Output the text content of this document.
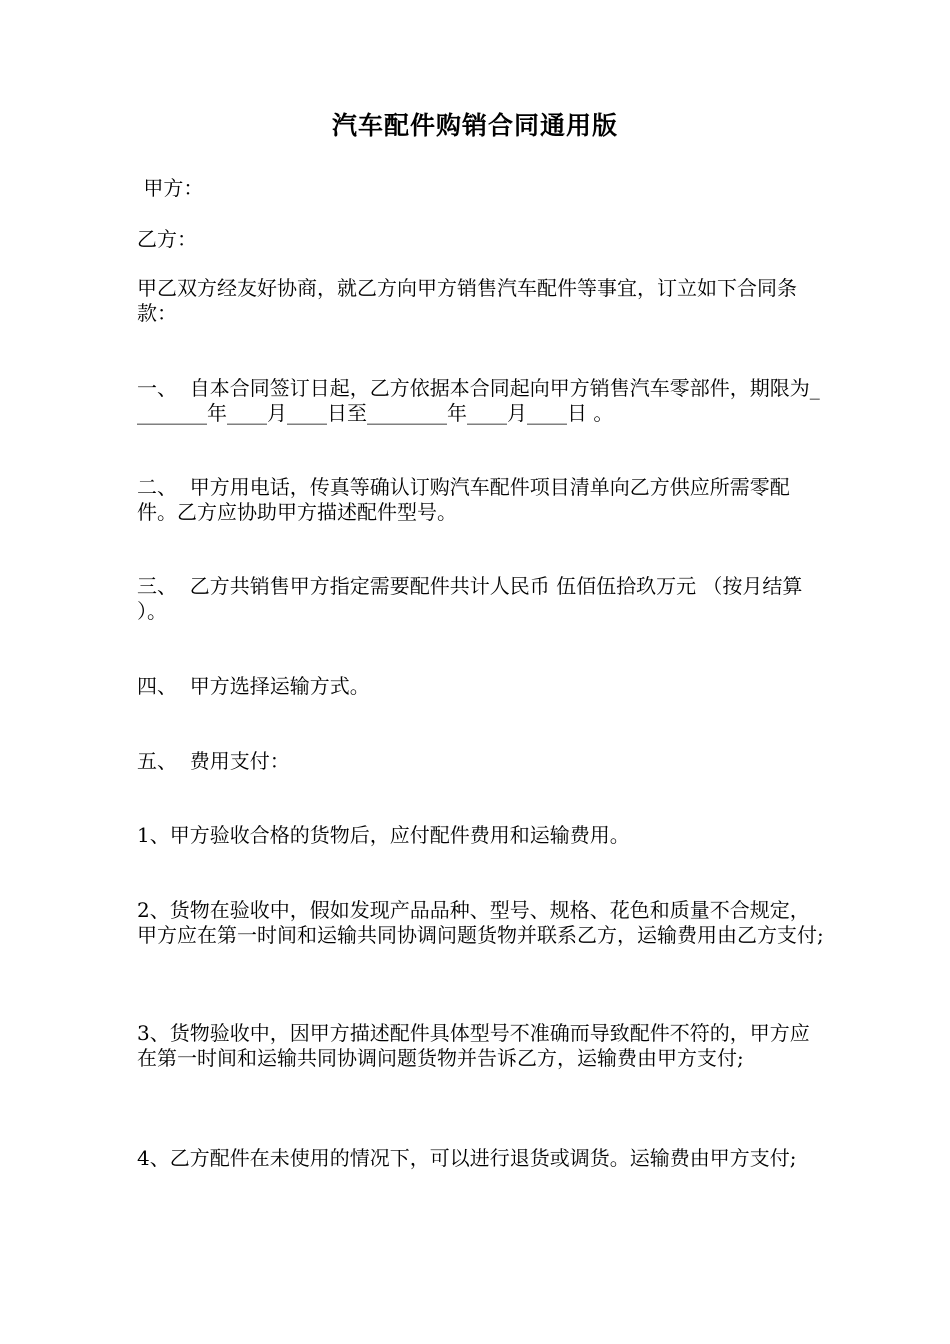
汽车配件购销合同通用版

甲方：

乙方：

甲乙双方经友好协商，就乙方向甲方销售汽车配件等事宜，订立如下合同条款：

一、  自本合同签订日起，乙方依据本合同起向甲方销售汽车零部件，期限为________年____月____日至________年____月____日 。

二、  甲方用电话，传真等确认订购汽车配件项目清单向乙方供应所需零配件。乙方应协助甲方描述配件型号。

三、  乙方共销售甲方指定需要配件共计人民币 伍佰伍拾玖万元 （按月结算 ）。

四、  甲方选择运输方式。

五、  费用支付：

1、甲方验收合格的货物后，应付配件费用和运输费用。

2、货物在验收中，假如发现产品品种、型号、规格、花色和质量不合规定，甲方应在第一时间和运输共同协调问题货物并联系乙方，运输费用由乙方支付;

3、货物验收中，因甲方描述配件具体型号不准确而导致配件不符的，甲方应在第一时间和运输共同协调问题货物并告诉乙方，运输费由甲方支付;

4、乙方配件在未使用的情况下，可以进行退货或调货。运输费由甲方支付;
